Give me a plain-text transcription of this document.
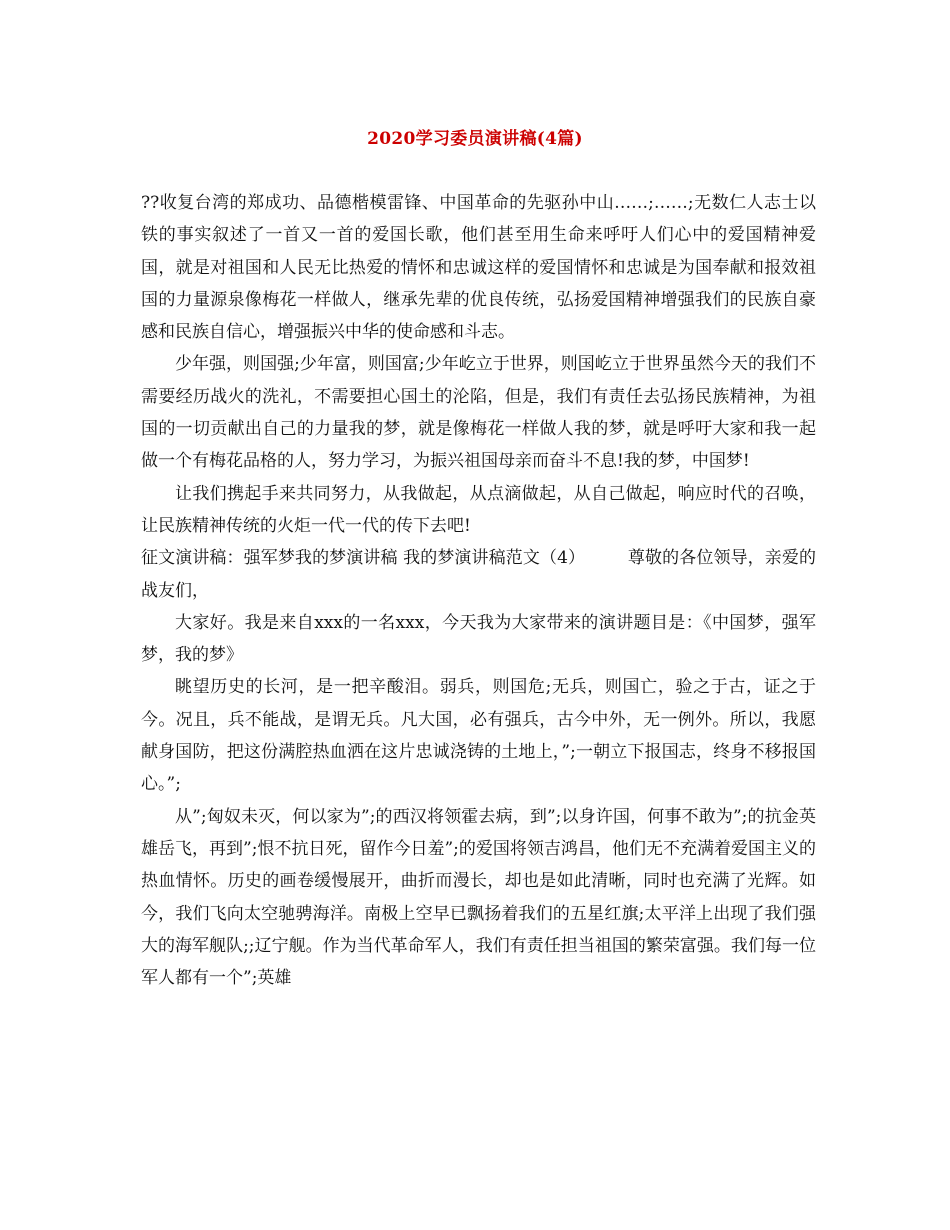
2020学习委员演讲稿(4篇)

??收复台湾的郑成功、品德楷模雷锋、中国革命的先驱孙中山……;……;无数仁人志士以铁的事实叙述了一首又一首的爱国长歌，他们甚至用生命来呼吁人们心中的爱国精神爱国，就是对祖国和人民无比热爱的情怀和忠诚这样的爱国情怀和忠诚是为国奉献和报效祖国的力量源泉像梅花一样做人，继承先辈的优良传统，弘扬爱国精神增强我们的民族自豪感和民族自信心，增强振兴中华的使命感和斗志。

少年强，则国强;少年富，则国富;少年屹立于世界，则国屹立于世界虽然今天的我们不需要经历战火的洗礼，不需要担心国土的沦陷，但是，我们有责任去弘扬民族精神，为祖国的一切贡献出自己的力量我的梦，就是像梅花一样做人我的梦，就是呼吁大家和我一起做一个有梅花品格的人，努力学习，为振兴祖国母亲而奋斗不息!我的梦，中国梦!

让我们携起手来共同努力，从我做起，从点滴做起，从自己做起，响应时代的召唤，让民族精神传统的火炬一代一代的传下去吧!

征文演讲稿：强军梦我的梦演讲稿 我的梦演讲稿范文（4）　　　尊敬的各位领导，亲爱的战友们，

大家好。我是来自xxx的一名xxx，今天我为大家带来的演讲题目是：《中国梦，强军梦，我的梦》

眺望历史的长河，是一把辛酸泪。弱兵，则国危;无兵，则国亡，验之于古，证之于今。况且，兵不能战，是谓无兵。凡大国，必有强兵，古今中外，无一例外。所以，我愿献身国防，把这份满腔热血洒在这片忠诚浇铸的土地上，”;一朝立下报国志，终身不移报国心。”;

从”;匈奴未灭，何以家为”;的西汉将领霍去病，到”;以身许国，何事不敢为”;的抗金英雄岳飞，再到”;恨不抗日死，留作今日羞”;的爱国将领吉鸿昌，他们无不充满着爱国主义的热血情怀。历史的画卷缓慢展开，曲折而漫长，却也是如此清晰，同时也充满了光辉。如今，我们飞向太空驰骋海洋。南极上空早已飘扬着我们的五星红旗;太平洋上出现了我们强大的海军舰队;;辽宁舰。作为当代革命军人，我们有责任担当祖国的繁荣富强。我们每一位军人都有一个”;英雄
